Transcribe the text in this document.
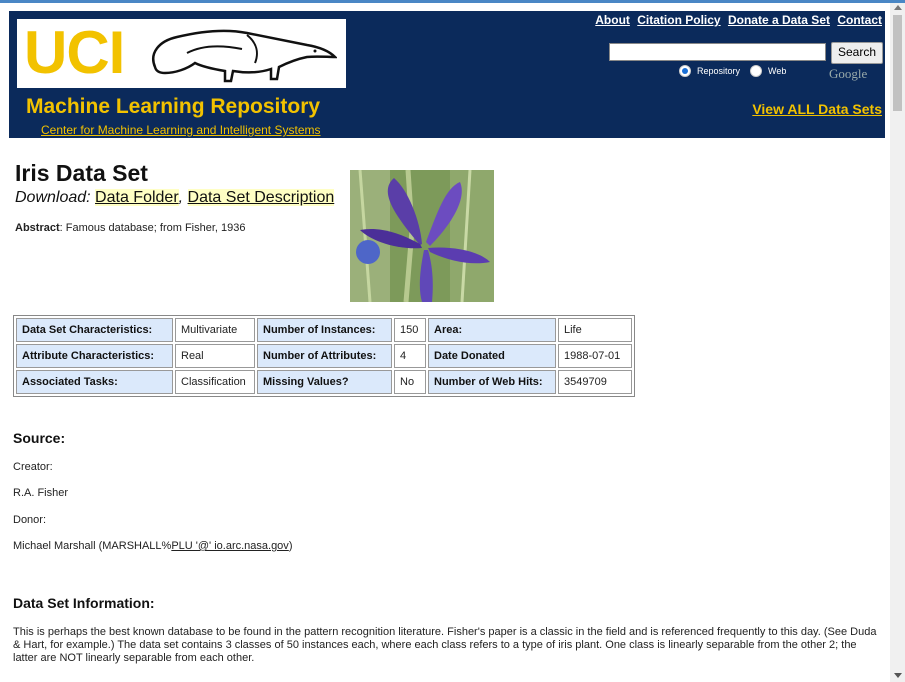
UCI
Machine Learning Repository
Center for Machine Learning and Intelligent Systems
About Citation Policy Donate a Data Set Contact
Search
Repository	Web	Google
View ALL Data Sets
Iris Data Set
Download: Data Folder, Data Set Description
Abstract: Famous database; from Fisher, 1936
Data Set Characteristics:	Multivariate	Number of Instances:	150	Area:	Life
Attribute Characteristics:	Real	Number of Attributes:	4	Date Donated	1988-07-01
Associated Tasks:	Classification	Missing Values?	No	Number of Web Hits:	3549709
Source:
Creator:
R.A. Fisher
Donor:
Michael Marshall (MARSHALL%PLU '@' io.arc.nasa.gov)
Data Set Information:
This is perhaps the best known database to be found in the pattern recognition literature. Fisher's paper is a classic in the field and is referenced frequently to this day. (See Duda & Hart, for example.) The data set contains 3 classes of 50 instances each, where each class refers to a type of iris plant. One class is linearly separable from the other 2; the latter are NOT linearly separable from each other.
